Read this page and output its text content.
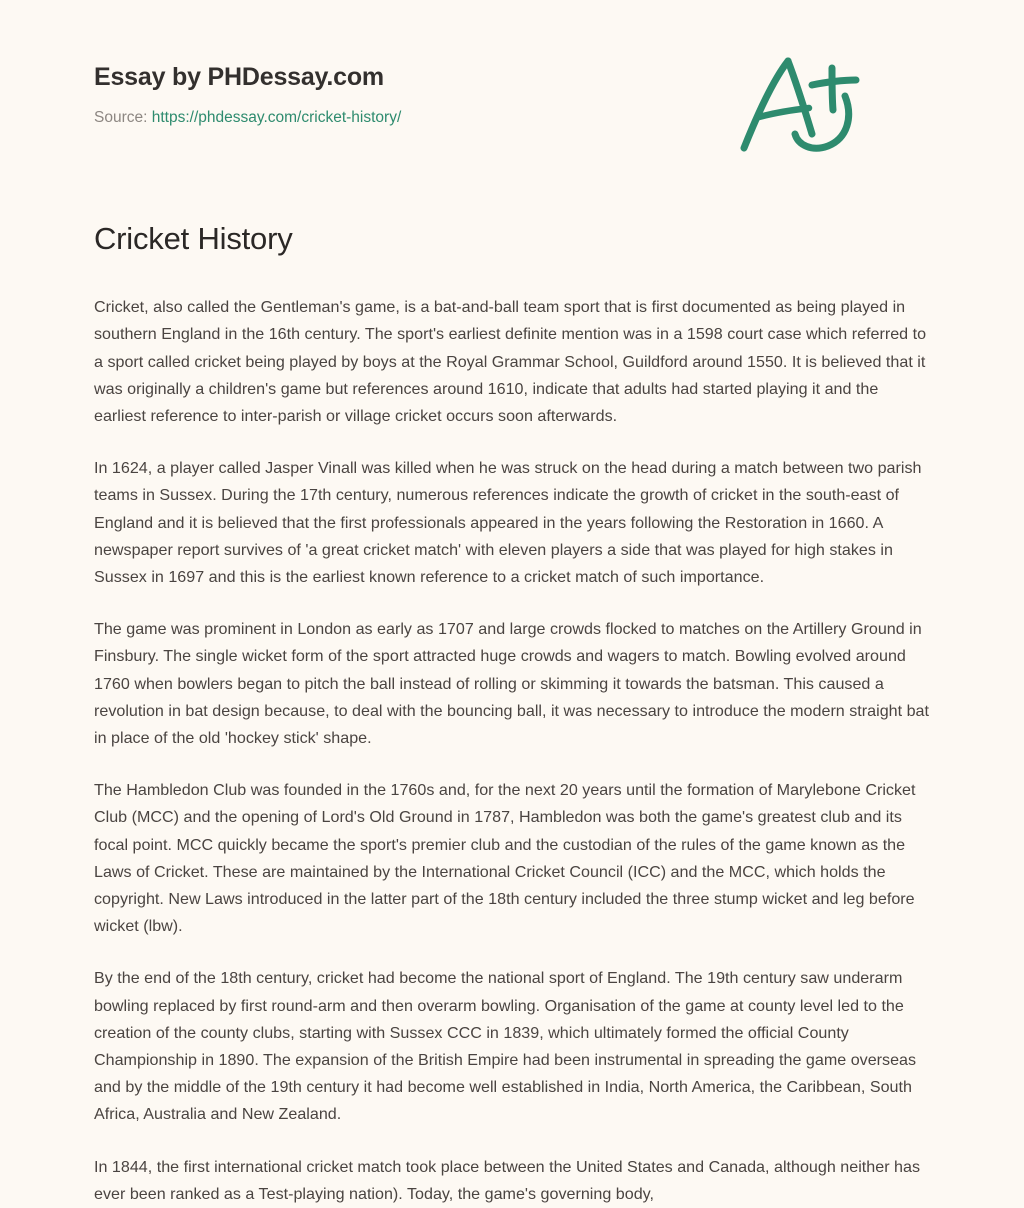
Essay by PHDessay.com
Source: https://phdessay.com/cricket-history/
Cricket History

Cricket, also called the Gentleman's game, is a bat-and-ball team sport that is first documented as being played in southern England in the 16th century. The sport's earliest definite mention was in a 1598 court case which referred to a sport called cricket being played by boys at the Royal Grammar School, Guildford around 1550. It is believed that it was originally a children's game but references around 1610, indicate that adults had started playing it and the earliest reference to inter-parish or village cricket occurs soon afterwards.

In 1624, a player called Jasper Vinall was killed when he was struck on the head during a match between two parish teams in Sussex. During the 17th century, numerous references indicate the growth of cricket in the south-east of England and it is believed that the first professionals appeared in the years following the Restoration in 1660. A newspaper report survives of 'a great cricket match' with eleven players a side that was played for high stakes in Sussex in 1697 and this is the earliest known reference to a cricket match of such importance.

The game was prominent in London as early as 1707 and large crowds flocked to matches on the Artillery Ground in Finsbury. The single wicket form of the sport attracted huge crowds and wagers to match. Bowling evolved around 1760 when bowlers began to pitch the ball instead of rolling or skimming it towards the batsman. This caused a revolution in bat design because, to deal with the bouncing ball, it was necessary to introduce the modern straight bat in place of the old 'hockey stick' shape.

The Hambledon Club was founded in the 1760s and, for the next 20 years until the formation of Marylebone Cricket Club (MCC) and the opening of Lord's Old Ground in 1787, Hambledon was both the game's greatest club and its focal point. MCC quickly became the sport's premier club and the custodian of the rules of the game known as the Laws of Cricket. These are maintained by the International Cricket Council (ICC) and the MCC, which holds the copyright. New Laws introduced in the latter part of the 18th century included the three stump wicket and leg before wicket (lbw).

By the end of the 18th century, cricket had become the national sport of England. The 19th century saw underarm bowling replaced by first round-arm and then overarm bowling. Organisation of the game at county level led to the creation of the county clubs, starting with Sussex CCC in 1839, which ultimately formed the official County Championship in 1890. The expansion of the British Empire had been instrumental in spreading the game overseas and by the middle of the 19th century it had become well established in India, North America, the Caribbean, South Africa, Australia and New Zealand.

In 1844, the first international cricket match took place between the United States and Canada, although neither has ever been ranked as a Test-playing nation). Today, the game's governing body,
